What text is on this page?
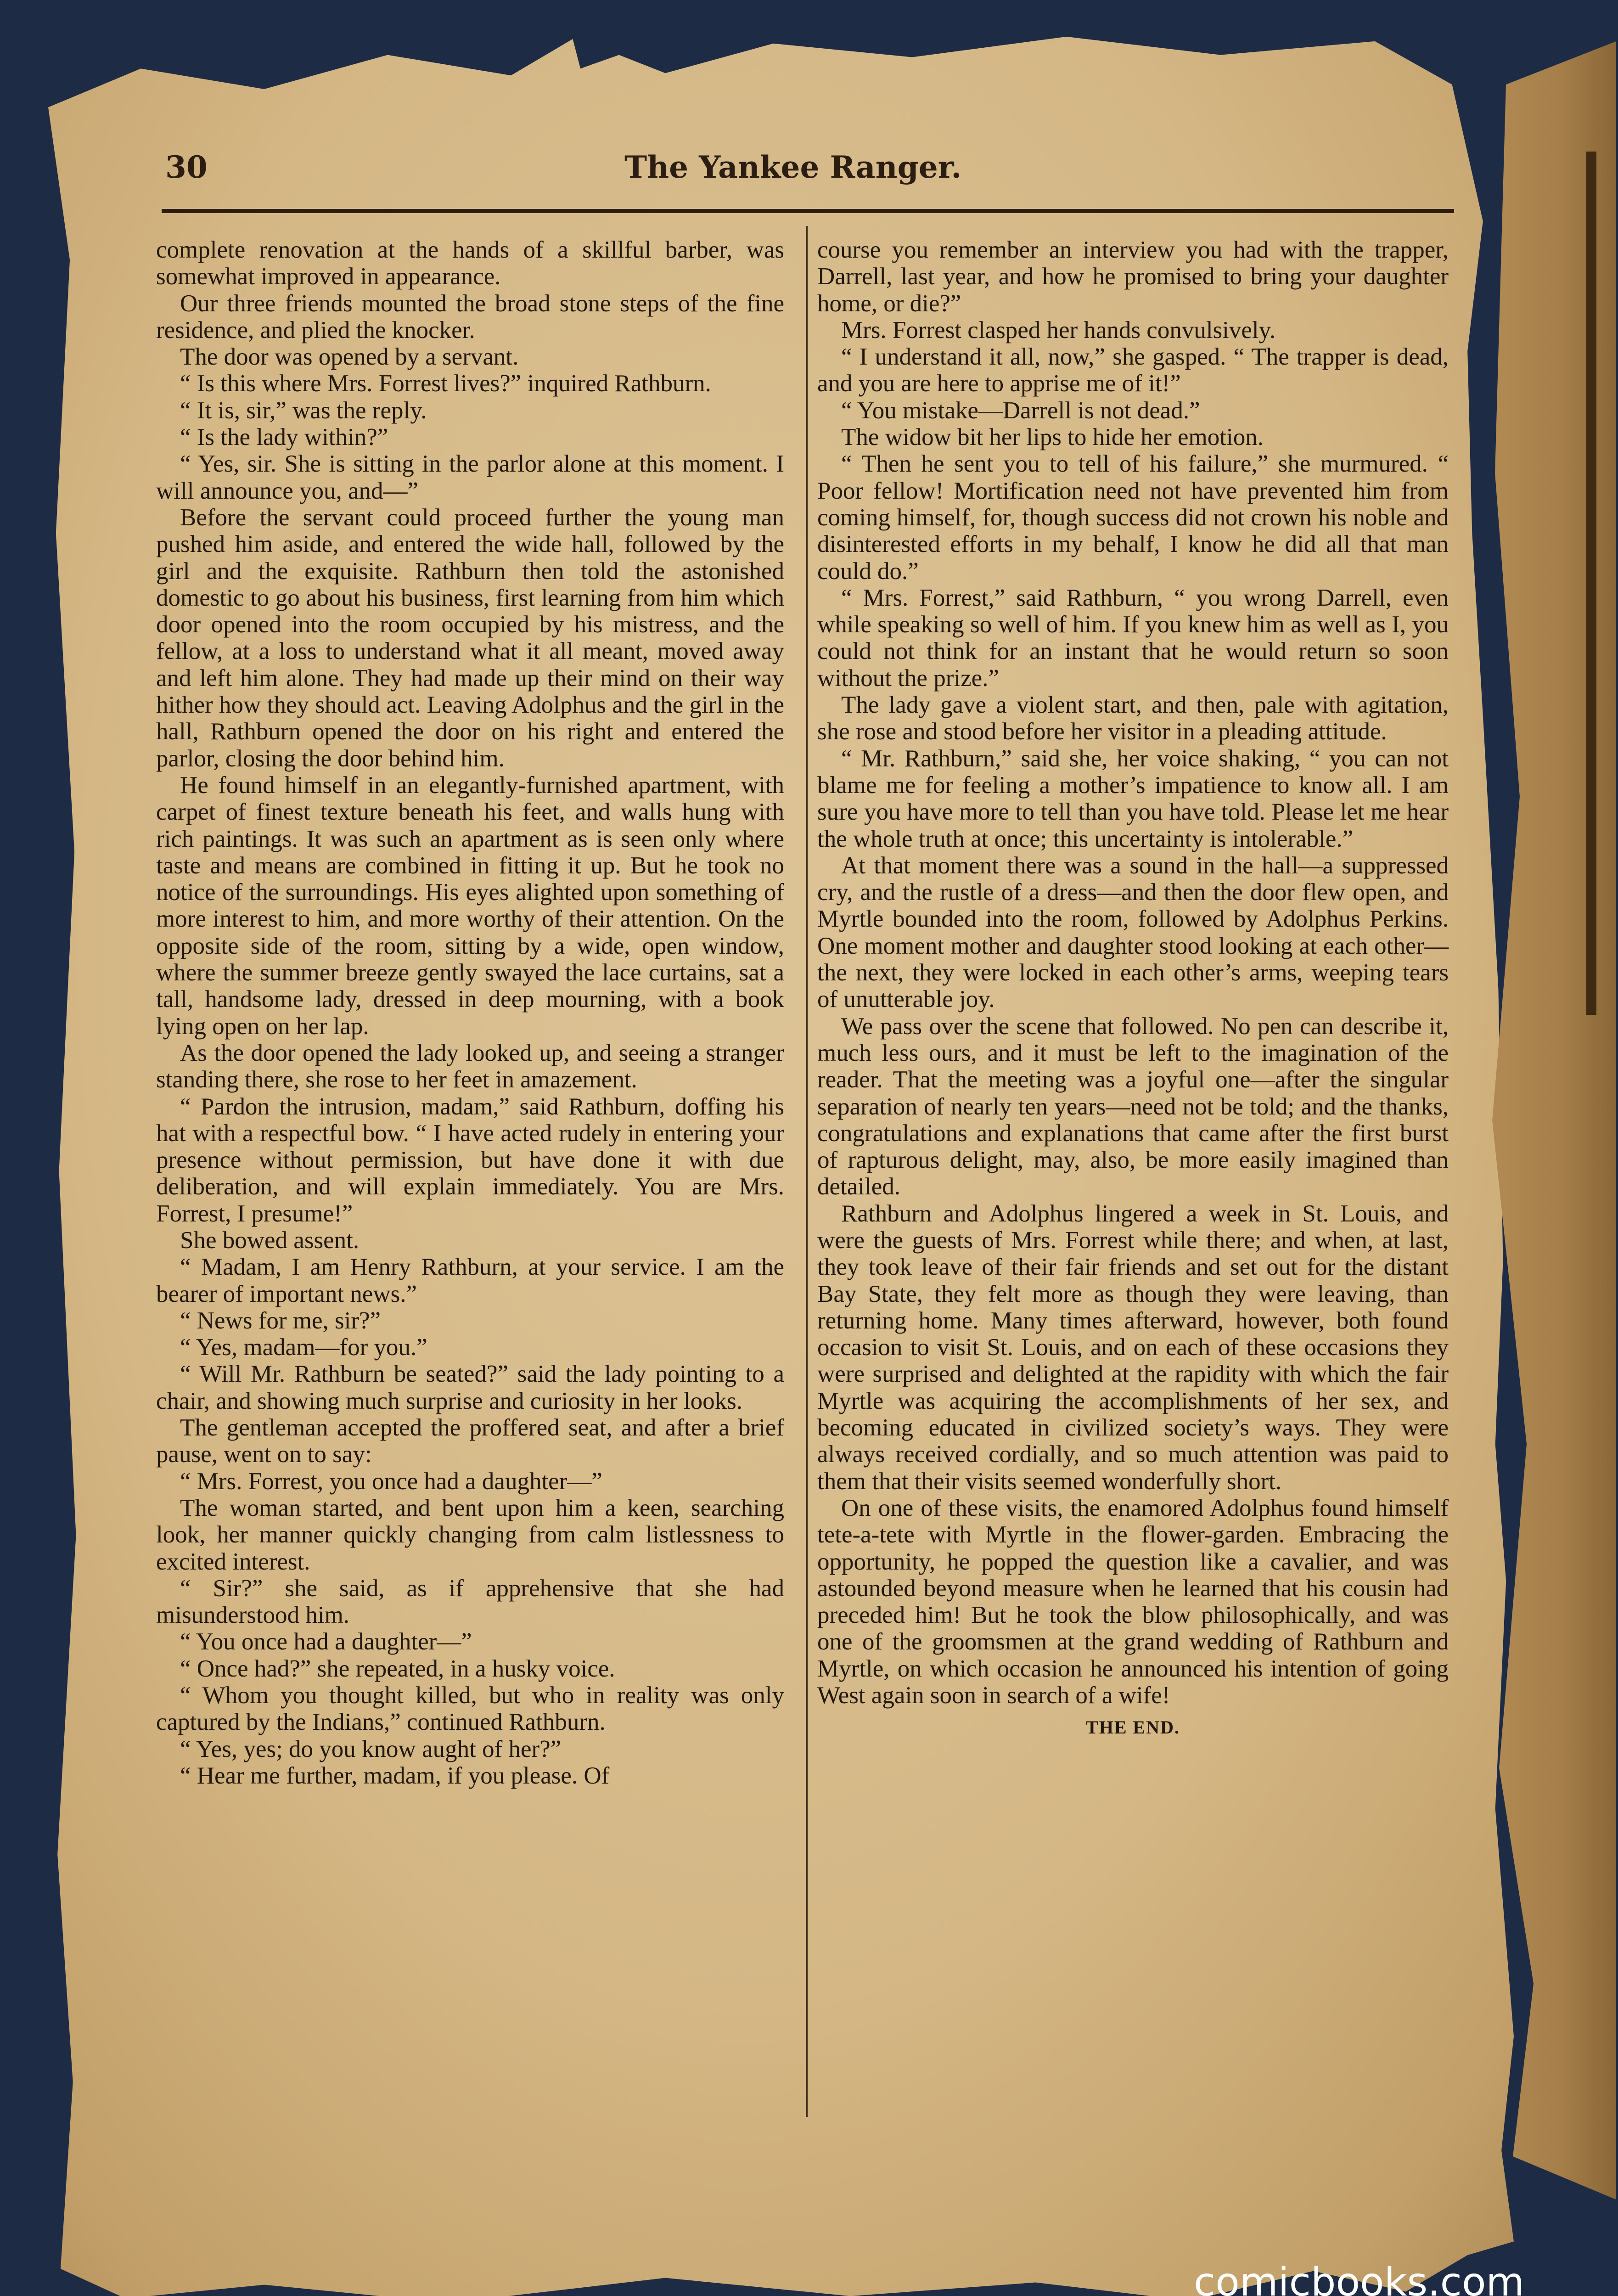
30	The Yankee Ranger.

complete renovation at the hands of a skillful barber, was somewhat improved in appearance.

Our three friends mounted the broad stone steps of the fine residence, and plied the knocker.

The door was opened by a servant.

“ Is this where Mrs. Forrest lives?” inquired Rathburn.

“ It is, sir,” was the reply.

“ Is the lady within?”

“ Yes, sir. She is sitting in the parlor alone at this moment. I will announce you, and—”

Before the servant could proceed further the young man pushed him aside, and entered the wide hall, followed by the girl and the exquisite. Rathburn then told the astonished domestic to go about his business, first learning from him which door opened into the room occupied by his mistress, and the fellow, at a loss to understand what it all meant, moved away and left him alone. They had made up their mind on their way hither how they should act. Leaving Adolphus and the girl in the hall, Rathburn opened the door on his right and entered the parlor, closing the door behind him.

He found himself in an elegantly-furnished apartment, with carpet of finest texture beneath his feet, and walls hung with rich paintings. It was such an apartment as is seen only where taste and means are combined in fitting it up. But he took no notice of the surroundings. His eyes alighted upon something of more interest to him, and more worthy of their attention. On the opposite side of the room, sitting by a wide, open window, where the summer breeze gently swayed the lace curtains, sat a tall, handsome lady, dressed in deep mourning, with a book lying open on her lap.

As the door opened the lady looked up, and seeing a stranger standing there, she rose to her feet in amazement.

“ Pardon the intrusion, madam,” said Rathburn, doffing his hat with a respectful bow. “ I have acted rudely in entering your presence without permission, but have done it with due deliberation, and will explain immediately. You are Mrs. Forrest, I presume!”

She bowed assent.

“ Madam, I am Henry Rathburn, at your service. I am the bearer of important news.”

“ News for me, sir?”

“ Yes, madam—for you.”

“ Will Mr. Rathburn be seated?” said the lady pointing to a chair, and showing much surprise and curiosity in her looks.

The gentleman accepted the proffered seat, and after a brief pause, went on to say:

“ Mrs. Forrest, you once had a daughter—”

The woman started, and bent upon him a keen, searching look, her manner quickly changing from calm listlessness to excited interest.

“ Sir?” she said, as if apprehensive that she had misunderstood him.

“ You once had a daughter—”

“ Once had?” she repeated, in a husky voice.

“ Whom you thought killed, but who in reality was only captured by the Indians,” continued Rathburn.

“ Yes, yes; do you know aught of her?”

“ Hear me further, madam, if you please. Of

course you remember an interview you had with the trapper, Darrell, last year, and how he promised to bring your daughter home, or die?”

Mrs. Forrest clasped her hands convulsively.

“ I understand it all, now,” she gasped. “ The trapper is dead, and you are here to apprise me of it!”

“ You mistake—Darrell is not dead.”

The widow bit her lips to hide her emotion.

“ Then he sent you to tell of his failure,” she murmured. “ Poor fellow! Mortification need not have prevented him from coming himself, for, though success did not crown his noble and disinterested efforts in my behalf, I know he did all that man could do.”

“ Mrs. Forrest,” said Rathburn, “ you wrong Darrell, even while speaking so well of him. If you knew him as well as I, you could not think for an instant that he would return so soon without the prize.”

The lady gave a violent start, and then, pale with agitation, she rose and stood before her visitor in a pleading attitude.

“ Mr. Rathburn,” said she, her voice shaking, “ you can not blame me for feeling a mother’s impatience to know all. I am sure you have more to tell than you have told. Please let me hear the whole truth at once; this uncertainty is intolerable.”

At that moment there was a sound in the hall—a suppressed cry, and the rustle of a dress—and then the door flew open, and Myrtle bounded into the room, followed by Adolphus Perkins. One moment mother and daughter stood looking at each other—the next, they were locked in each other’s arms, weeping tears of unutterable joy.

We pass over the scene that followed. No pen can describe it, much less ours, and it must be left to the imagination of the reader. That the meeting was a joyful one—after the singular separation of nearly ten years—need not be told; and the thanks, congratulations and explanations that came after the first burst of rapturous delight, may, also, be more easily imagined than detailed.

Rathburn and Adolphus lingered a week in St. Louis, and were the guests of Mrs. Forrest while there; and when, at last, they took leave of their fair friends and set out for the distant Bay State, they felt more as though they were leaving, than returning home. Many times afterward, however, both found occasion to visit St. Louis, and on each of these occasions they were surprised and delighted at the rapidity with which the fair Myrtle was acquiring the accomplishments of her sex, and becoming educated in civilized society’s ways. They were always received cordially, and so much attention was paid to them that their visits seemed wonderfully short.

On one of these visits, the enamored Adolphus found himself tete-a-tete with Myrtle in the flower-garden. Embracing the opportunity, he popped the question like a cavalier, and was astounded beyond measure when he learned that his cousin had preceded him! But he took the blow philosophically, and was one of the groomsmen at the grand wedding of Rathburn and Myrtle, on which occasion he announced his intention of going West again soon in search of a wife!

THE END.
comicbooks.com
